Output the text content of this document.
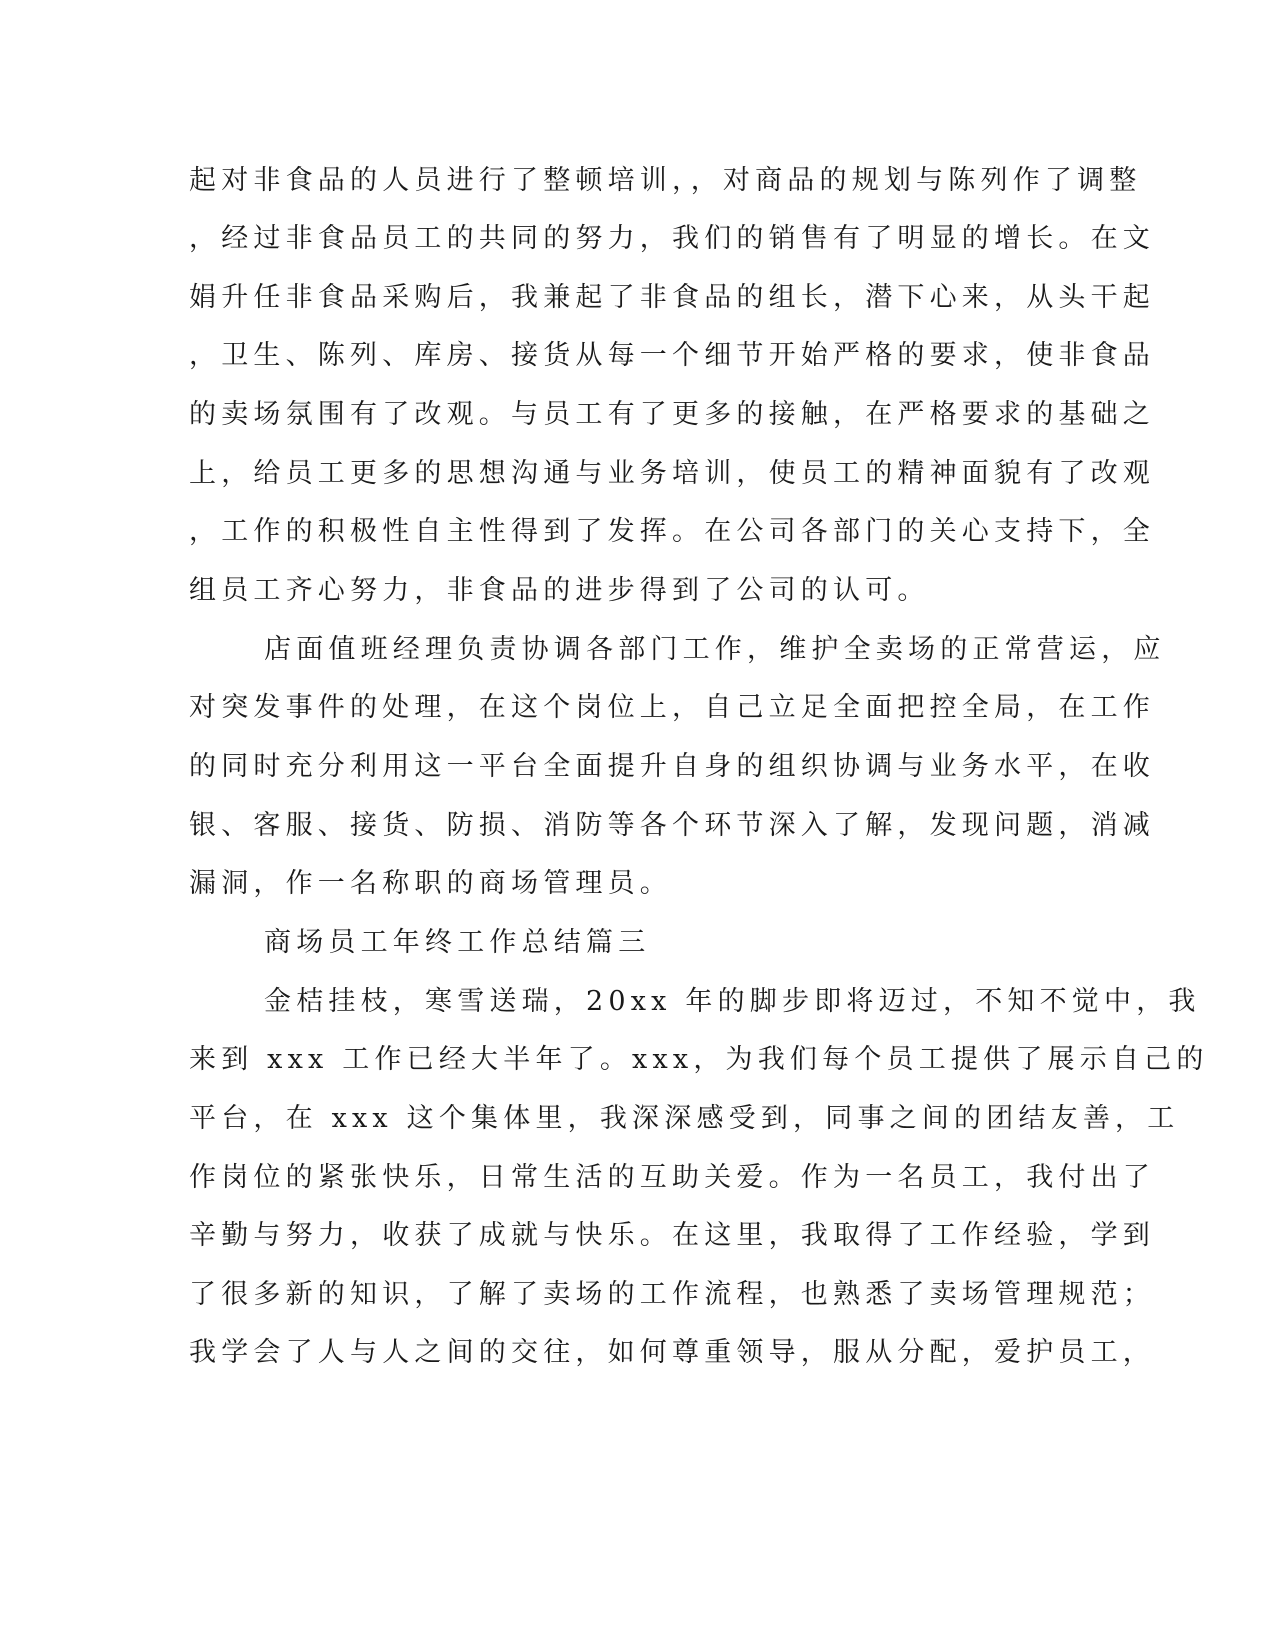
起对非食品的人员进行了整顿培训，，对商品的规划与陈列作了调整
，经过非食品员工的共同的努力，我们的销售有了明显的增长。在文
娟升任非食品采购后，我兼起了非食品的组长，潜下心来，从头干起
，卫生、陈列、库房、接货从每一个细节开始严格的要求，使非食品
的卖场氛围有了改观。与员工有了更多的接触，在严格要求的基础之
上，给员工更多的思想沟通与业务培训，使员工的精神面貌有了改观
，工作的积极性自主性得到了发挥。在公司各部门的关心支持下，全
组员工齐心努力，非食品的进步得到了公司的认可。
店面值班经理负责协调各部门工作，维护全卖场的正常营运，应
对突发事件的处理，在这个岗位上，自己立足全面把控全局，在工作
的同时充分利用这一平台全面提升自身的组织协调与业务水平，在收
银、客服、接货、防损、消防等各个环节深入了解，发现问题，消减
漏洞，作一名称职的商场管理员。
商场员工年终工作总结篇三
金桔挂枝，寒雪送瑞，20xx 年的脚步即将迈过，不知不觉中，我
来到 xxx 工作已经大半年了。xxx，为我们每个员工提供了展示自己的
平台，在 xxx 这个集体里，我深深感受到，同事之间的团结友善，工
作岗位的紧张快乐，日常生活的互助关爱。作为一名员工，我付出了
辛勤与努力，收获了成就与快乐。在这里，我取得了工作经验，学到
了很多新的知识，了解了卖场的工作流程，也熟悉了卖场管理规范；
我学会了人与人之间的交往，如何尊重领导，服从分配，爱护员工，
